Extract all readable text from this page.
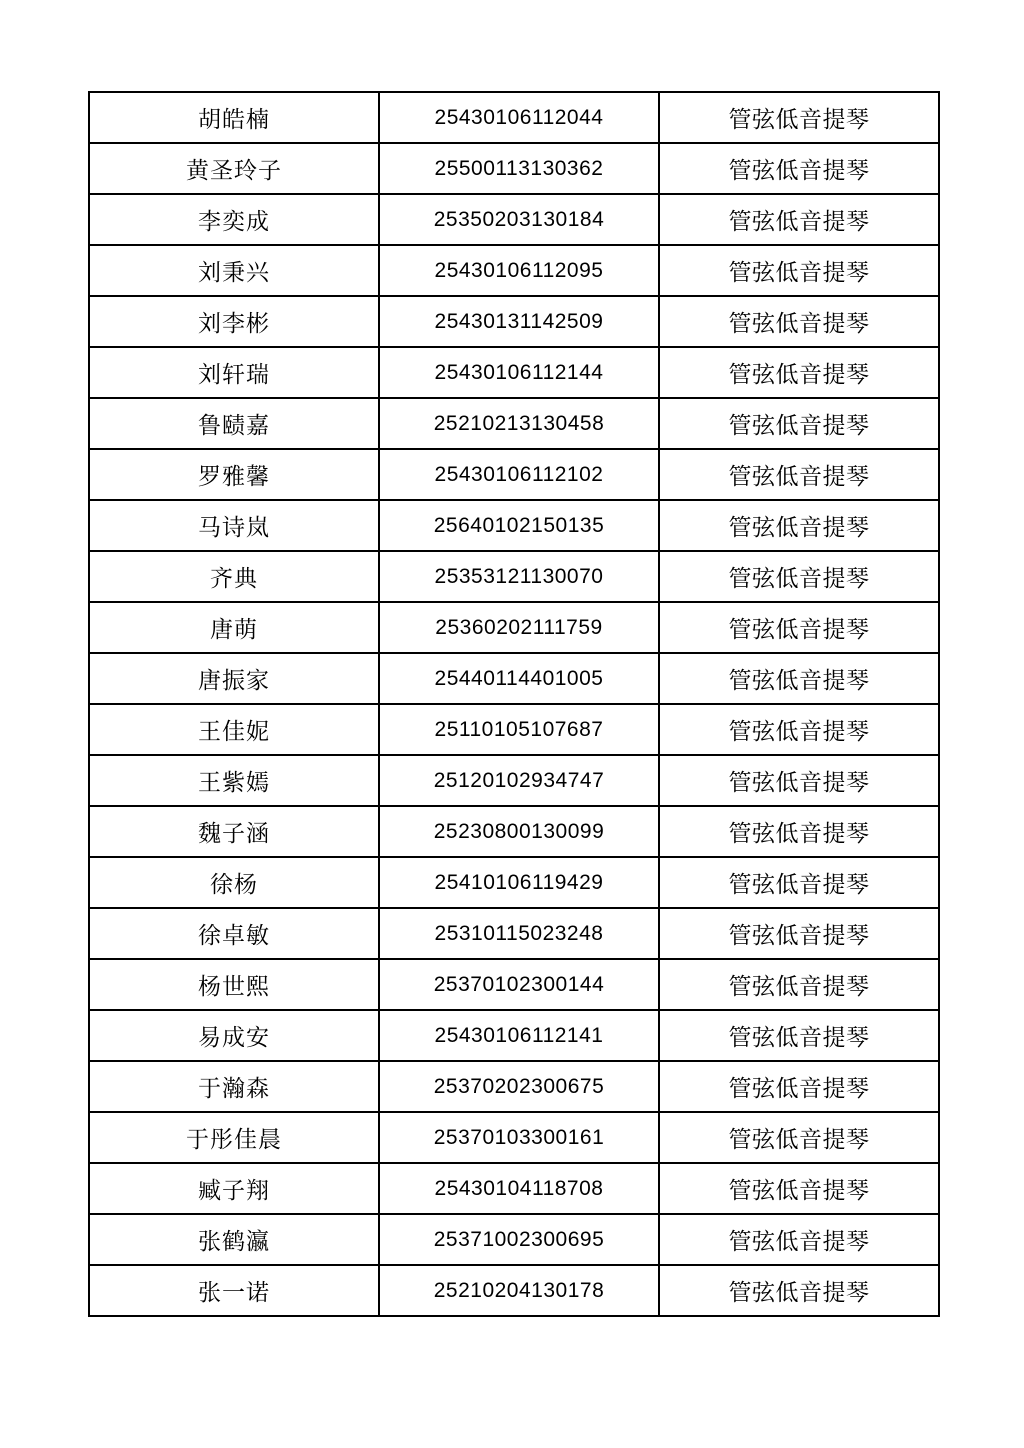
胡皓楠	25430106112044	管弦低音提琴
黄圣玲子	25500113130362	管弦低音提琴
李奕成	25350203130184	管弦低音提琴
刘秉兴	25430106112095	管弦低音提琴
刘李彬	25430131142509	管弦低音提琴
刘轩瑞	25430106112144	管弦低音提琴
鲁赜嘉	25210213130458	管弦低音提琴
罗雅馨	25430106112102	管弦低音提琴
马诗岚	25640102150135	管弦低音提琴
齐典	25353121130070	管弦低音提琴
唐萌	25360202111759	管弦低音提琴
唐振家	25440114401005	管弦低音提琴
王佳妮	25110105107687	管弦低音提琴
王紫嫣	25120102934747	管弦低音提琴
魏子涵	25230800130099	管弦低音提琴
徐杨	25410106119429	管弦低音提琴
徐卓敏	25310115023248	管弦低音提琴
杨世熙	25370102300144	管弦低音提琴
易成安	25430106112141	管弦低音提琴
于瀚森	25370202300675	管弦低音提琴
于彤佳晨	25370103300161	管弦低音提琴
臧子翔	25430104118708	管弦低音提琴
张鹤瀛	25371002300695	管弦低音提琴
张一诺	25210204130178	管弦低音提琴
